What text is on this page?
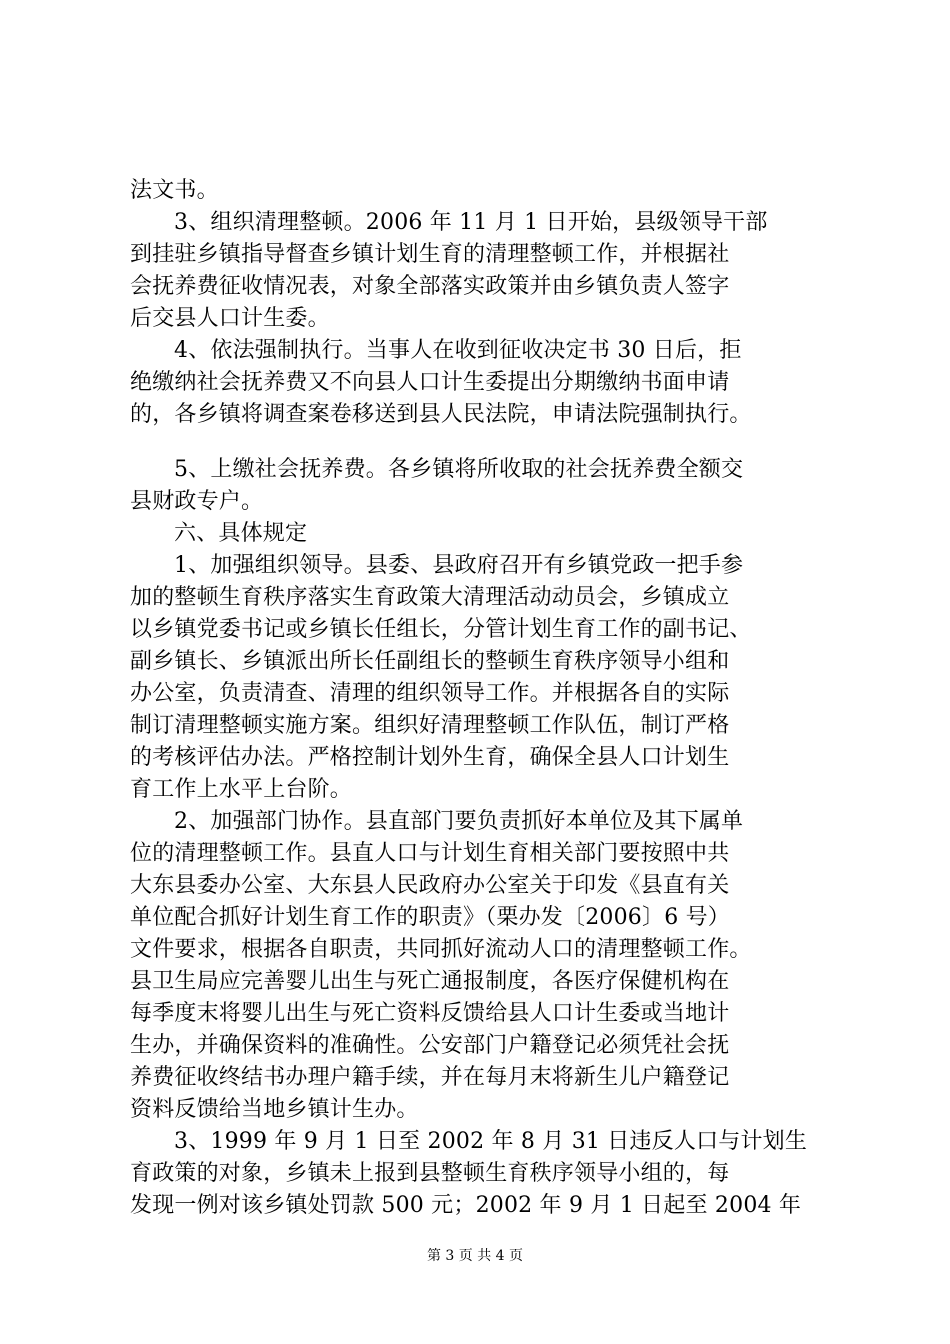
法文书。
3、组织清理整顿。2006 年 11 月 1 日开始，县级领导干部
到挂驻乡镇指导督查乡镇计划生育的清理整顿工作，并根据社
会抚养费征收情况表，对象全部落实政策并由乡镇负责人签字
后交县人口计生委。
4、依法强制执行。当事人在收到征收决定书 30 日后，拒
绝缴纳社会抚养费又不向县人口计生委提出分期缴纳书面申请
的，各乡镇将调查案卷移送到县人民法院，申请法院强制执行。
5、上缴社会抚养费。各乡镇将所收取的社会抚养费全额交
县财政专户。
六、具体规定
1、加强组织领导。县委、县政府召开有乡镇党政一把手参
加的整顿生育秩序落实生育政策大清理活动动员会，乡镇成立
以乡镇党委书记或乡镇长任组长，分管计划生育工作的副书记、
副乡镇长、乡镇派出所长任副组长的整顿生育秩序领导小组和
办公室，负责清查、清理的组织领导工作。并根据各自的实际
制订清理整顿实施方案。组织好清理整顿工作队伍，制订严格
的考核评估办法。严格控制计划外生育，确保全县人口计划生
育工作上水平上台阶。
2、加强部门协作。县直部门要负责抓好本单位及其下属单
位的清理整顿工作。县直人口与计划生育相关部门要按照中共
大东县委办公室、大东县人民政府办公室关于印发《县直有关
单位配合抓好计划生育工作的职责》（栗办发〔2006〕6 号）
文件要求，根据各自职责，共同抓好流动人口的清理整顿工作。
县卫生局应完善婴儿出生与死亡通报制度，各医疗保健机构在
每季度末将婴儿出生与死亡资料反馈给县人口计生委或当地计
生办，并确保资料的准确性。公安部门户籍登记必须凭社会抚
养费征收终结书办理户籍手续，并在每月末将新生儿户籍登记
资料反馈给当地乡镇计生办。
3、1999 年 9 月 1 日至 2002 年 8 月 31 日违反人口与计划生
育政策的对象，乡镇未上报到县整顿生育秩序领导小组的，每
发现一例对该乡镇处罚款 500 元；2002 年 9 月 1 日起至 2004 年
第 3 页 共 4 页
